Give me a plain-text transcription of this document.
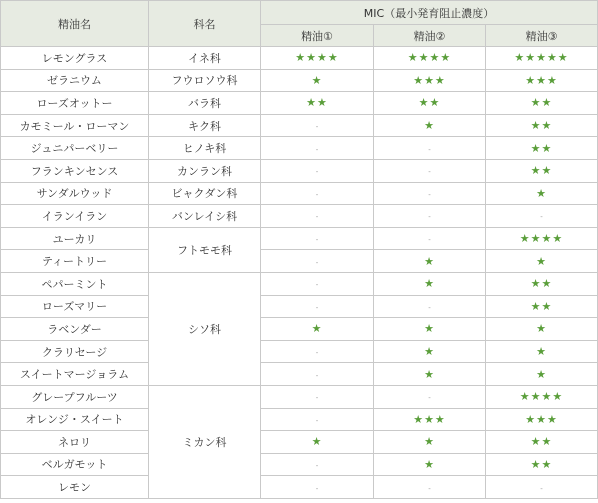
精油名	科名	MIC（最小発育阻止濃度）		
		精油①	精油②	精油③
レモングラス	イネ科	★★★★	★★★★	★★★★★
ゼラニウム	フウロソウ科	★	★★★	★★★
ローズオットー	バラ科	★★	★★	★★
カモミール・ローマン	キク科	-	★	★★
ジュニパーベリー	ヒノキ科	-	-	★★
フランキンセンス	カンラン科	-	-	★★
サンダルウッド	ビャクダン科	-	-	★
イランイラン	バンレイシ科	-	-	-
ユーカリ	フトモモ科	-	-	★★★★
ティートリー		-	★	★
ペパーミント	シソ科	-	★	★★
ローズマリー		-	-	★★
ラベンダー		★	★	★
クラリセージ		-	★	★
スイートマージョラム		-	★	★
グレープフルーツ	ミカン科	-	-	★★★★
オレンジ・スイート		-	★★★	★★★
ネロリ		★	★	★★
ベルガモット		-	★	★★
レモン		-	-	-
